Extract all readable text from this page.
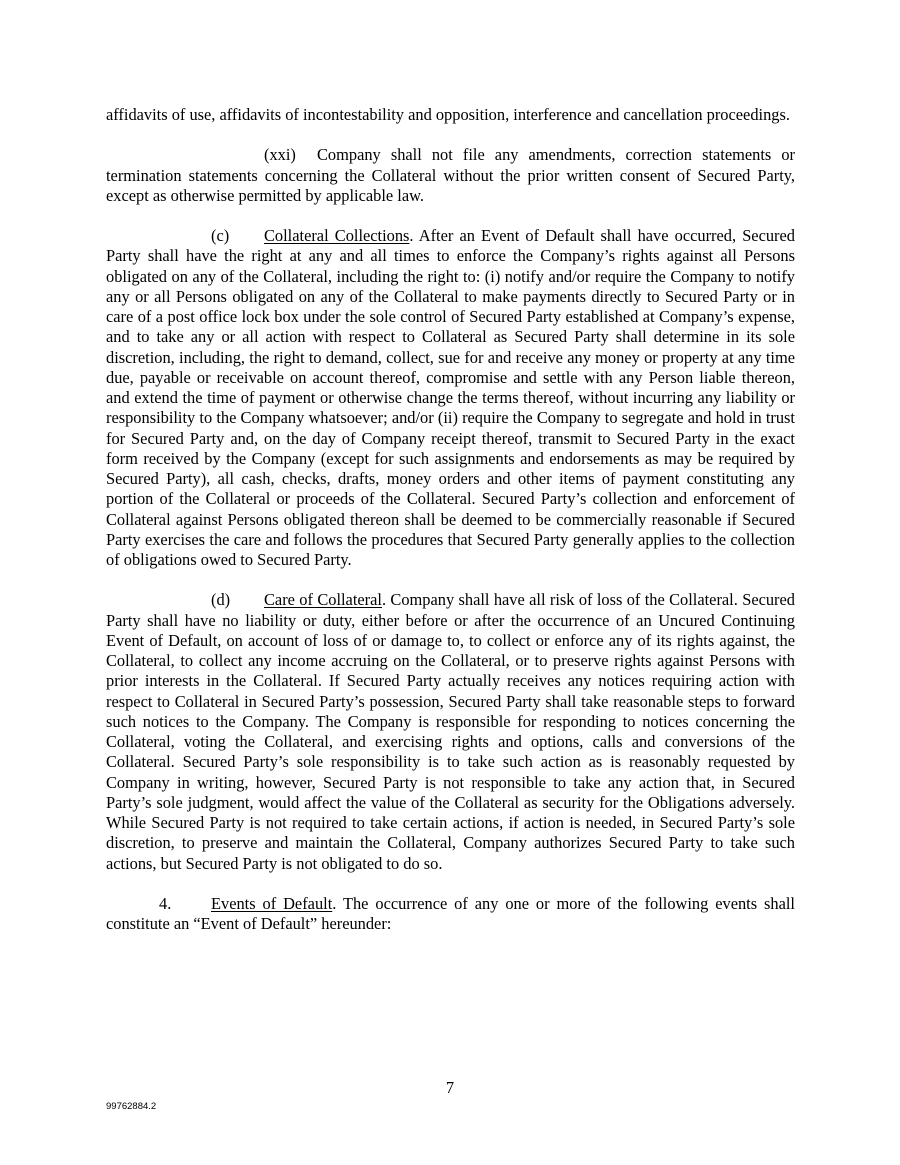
affidavits of use, affidavits of incontestability and opposition, interference and cancellation proceedings.

(xxi) Company shall not file any amendments, correction statements or termination statements concerning the Collateral without the prior written consent of Secured Party, except as otherwise permitted by applicable law.

(c) Collateral Collections. After an Event of Default shall have occurred, Secured Party shall have the right at any and all times to enforce the Company’s rights against all Persons obligated on any of the Collateral, including the right to: (i) notify and/or require the Company to notify any or all Persons obligated on any of the Collateral to make payments directly to Secured Party or in care of a post office lock box under the sole control of Secured Party established at Company’s expense, and to take any or all action with respect to Collateral as Secured Party shall determine in its sole discretion, including, the right to demand, collect, sue for and receive any money or property at any time due, payable or receivable on account thereof, compromise and settle with any Person liable thereon, and extend the time of payment or otherwise change the terms thereof, without incurring any liability or responsibility to the Company whatsoever; and/or (ii) require the Company to segregate and hold in trust for Secured Party and, on the day of Company receipt thereof, transmit to Secured Party in the exact form received by the Company (except for such assignments and endorsements as may be required by Secured Party), all cash, checks, drafts, money orders and other items of payment constituting any portion of the Collateral or proceeds of the Collateral. Secured Party’s collection and enforcement of Collateral against Persons obligated thereon shall be deemed to be commercially reasonable if Secured Party exercises the care and follows the procedures that Secured Party generally applies to the collection of obligations owed to Secured Party.

(d) Care of Collateral. Company shall have all risk of loss of the Collateral. Secured Party shall have no liability or duty, either before or after the occurrence of an Uncured Continuing Event of Default, on account of loss of or damage to, to collect or enforce any of its rights against, the Collateral, to collect any income accruing on the Collateral, or to preserve rights against Persons with prior interests in the Collateral. If Secured Party actually receives any notices requiring action with respect to Collateral in Secured Party’s possession, Secured Party shall take reasonable steps to forward such notices to the Company. The Company is responsible for responding to notices concerning the Collateral, voting the Collateral, and exercising rights and options, calls and conversions of the Collateral. Secured Party’s sole responsibility is to take such action as is reasonably requested by Company in writing, however, Secured Party is not responsible to take any action that, in Secured Party’s sole judgment, would affect the value of the Collateral as security for the Obligations adversely. While Secured Party is not required to take certain actions, if action is needed, in Secured Party’s sole discretion, to preserve and maintain the Collateral, Company authorizes Secured Party to take such actions, but Secured Party is not obligated to do so.

4. Events of Default. The occurrence of any one or more of the following events shall constitute an “Event of Default” hereunder:

7
99762884.2
